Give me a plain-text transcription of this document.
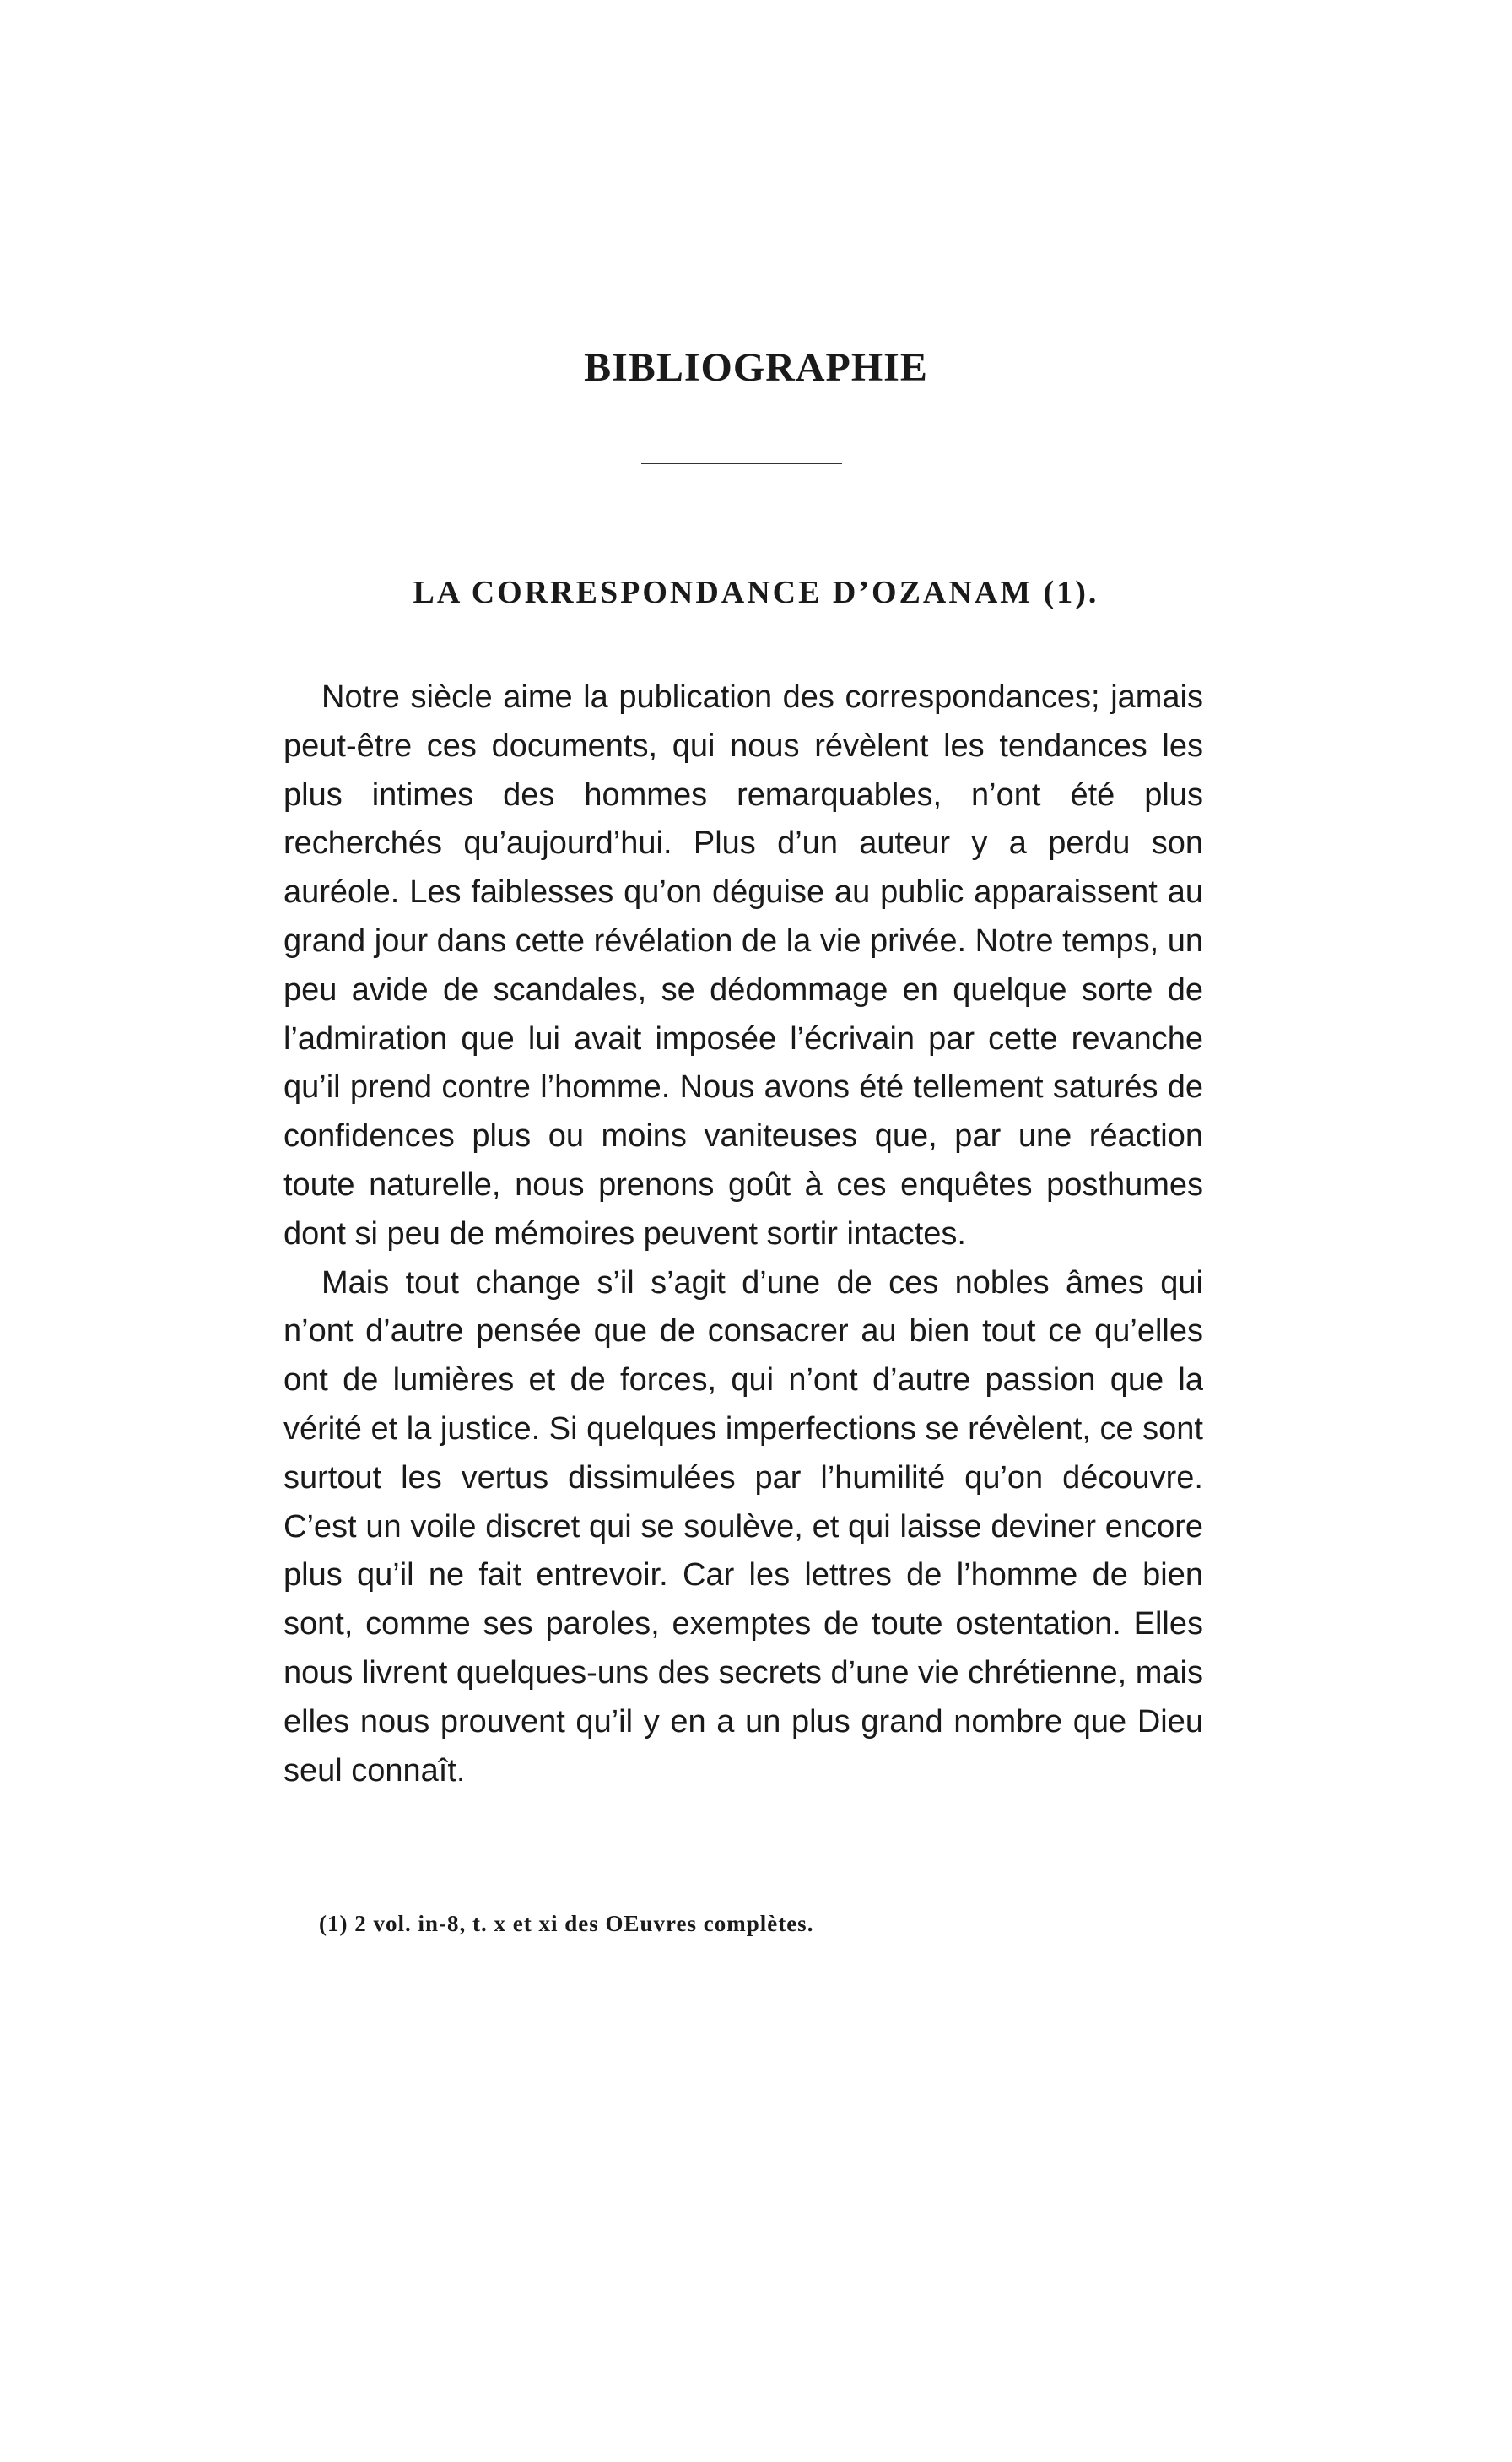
BIBLIOGRAPHIE
LA CORRESPONDANCE D’OZANAM (1).

Notre siècle aime la publication des correspondances; jamais peut-être ces documents, qui nous révèlent les tendances les plus intimes des hommes remarquables, n’ont été plus recherchés qu’aujourd’hui. Plus d’un auteur y a perdu son auréole. Les faiblesses qu’on déguise au public apparaissent au grand jour dans cette révélation de la vie privée. Notre temps, un peu avide de scandales, se dédommage en quelque sorte de l’admiration que lui avait imposée l’écrivain par cette revanche qu’il prend contre l’homme. Nous avons été tellement saturés de confidences plus ou moins vaniteuses que, par une réaction toute naturelle, nous prenons goût à ces enquêtes posthumes dont si peu de mémoires peuvent sortir intactes.

Mais tout change s’il s’agit d’une de ces nobles âmes qui n’ont d’autre pensée que de consacrer au bien tout ce qu’elles ont de lumières et de forces, qui n’ont d’autre passion que la vérité et la justice. Si quelques imperfections se révèlent, ce sont surtout les vertus dissimulées par l’humilité qu’on découvre. C’est un voile discret qui se soulève, et qui laisse deviner encore plus qu’il ne fait entrevoir. Car les lettres de l’homme de bien sont, comme ses paroles, exemptes de toute ostentation. Elles nous livrent quelques-uns des secrets d’une vie chrétienne, mais elles nous prouvent qu’il y en a un plus grand nombre que Dieu seul connaît.

(1) 2 vol. in-8, t. x et xi des OEuvres complètes.
